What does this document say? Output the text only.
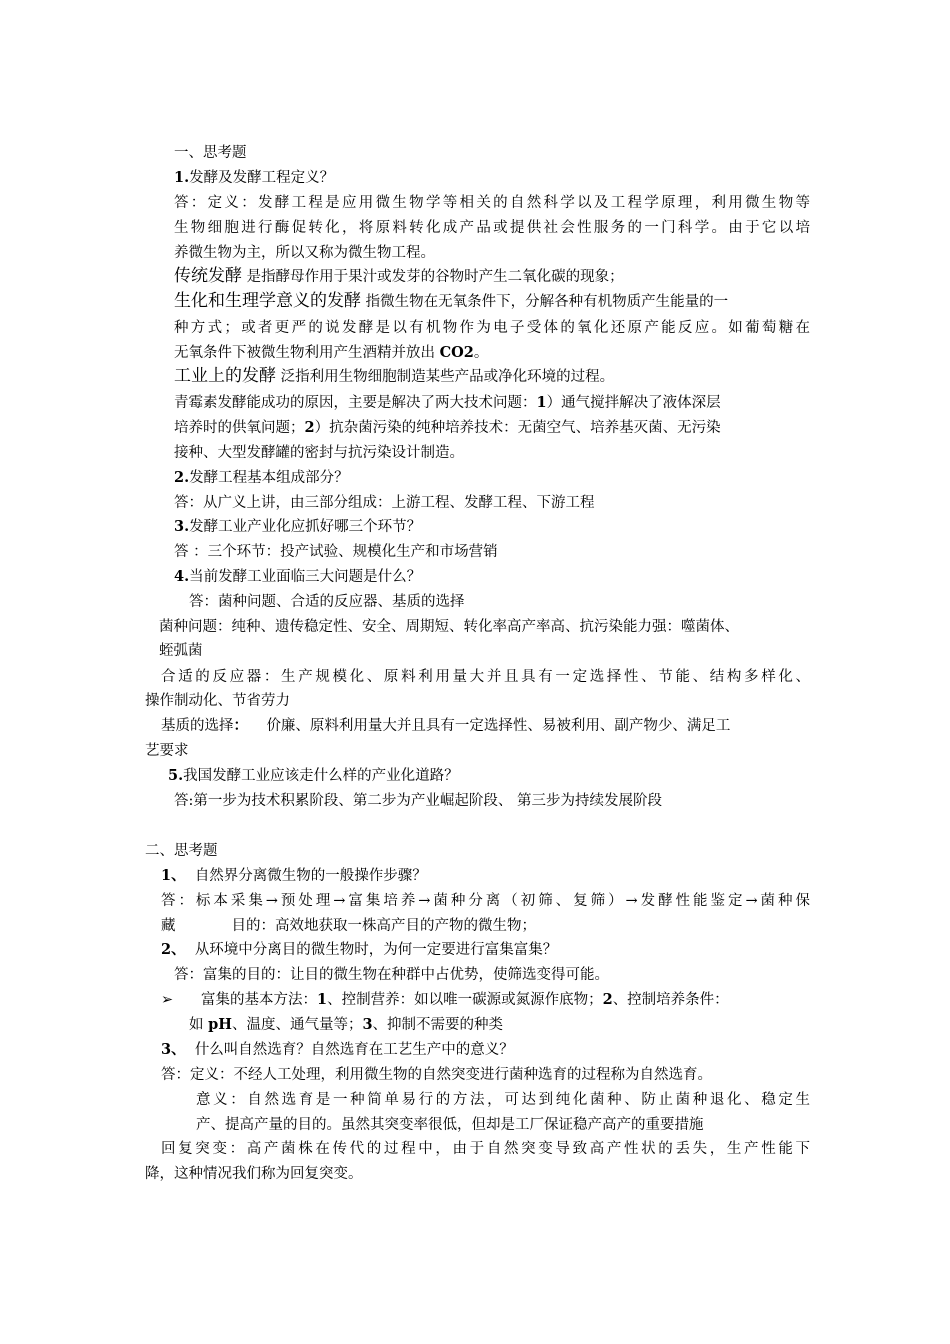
一、思考题
1.发酵及发酵工程定义？
答：定义：发酵工程是应用微生物学等相关的自然科学以及工程学原理，利用微生物等
生物细胞进行酶促转化，将原料转化成产品或提供社会性服务的一门科学。由于它以培
养微生物为主，所以又称为微生物工程。
传统发酵 是指酵母作用于果汁或发芽的谷物时产生二氧化碳的现象；
生化和生理学意义的发酵 指微生物在无氧条件下，分解各种有机物质产生能量的一
种方式；或者更严的说发酵是以有机物作为电子受体的氧化还原产能反应。如葡萄糖在
无氧条件下被微生物利用产生酒精并放出 CO2。
工业上的发酵 泛指利用生物细胞制造某些产品或净化环境的过程。
青霉素发酵能成功的原因，主要是解决了两大技术问题：1）通气搅拌解决了液体深层
培养时的供氧问题；2）抗杂菌污染的纯种培养技术：无菌空气、培养基灭菌、无污染
接种、大型发酵罐的密封与抗污染设计制造。
2.发酵工程基本组成部分？
答：从广义上讲，由三部分组成：上游工程、发酵工程、下游工程
3.发酵工业产业化应抓好哪三个环节？
答 ：三个环节：投产试验、规模化生产和市场营销
4.当前发酵工业面临三大问题是什么？
答：菌种问题、合适的反应器、基质的选择
菌种问题：纯种、遗传稳定性、安全、周期短、转化率高产率高、抗污染能力强：噬菌体、
蛭弧菌
合适的反应器：生产规模化、原料利用量大并且具有一定选择性、节能、结构多样化、
操作制动化、节省劳力
基质的选择： 价廉、原料利用量大并且具有一定选择性、易被利用、副产物少、满足工
艺要求
5.我国发酵工业应该走什么样的产业化道路？
答:第一步为技术积累阶段、第二步为产业崛起阶段、 第三步为持续发展阶段
二、思考题
1、 自然界分离微生物的一般操作步骤？
答：标本采集→预处理→富集培养→菌种分离（初筛、复筛）→发酵性能鉴定→菌种保
藏	目的：高效地获取一株高产目的产物的微生物；
2、 从环境中分离目的微生物时，为何一定要进行富集富集？
答：富集的目的：让目的微生物在种群中占优势，使筛选变得可能。
➢ 富集的基本方法：1、控制营养：如以唯一碳源或氮源作底物；2、控制培养条件：
如 pH、温度、通气量等；3、抑制不需要的种类
3、 什么叫自然选育？自然选育在工艺生产中的意义？
答：定义：不经人工处理，利用微生物的自然突变进行菌种选育的过程称为自然选育。
意义：自然选育是一种简单易行的方法，可达到纯化菌种、防止菌种退化、稳定生
产、提高产量的目的。虽然其突变率很低，但却是工厂保证稳产高产的重要措施
回复突变：高产菌株在传代的过程中，由于自然突变导致高产性状的丢失，生产性能下
降，这种情况我们称为回复突变。
